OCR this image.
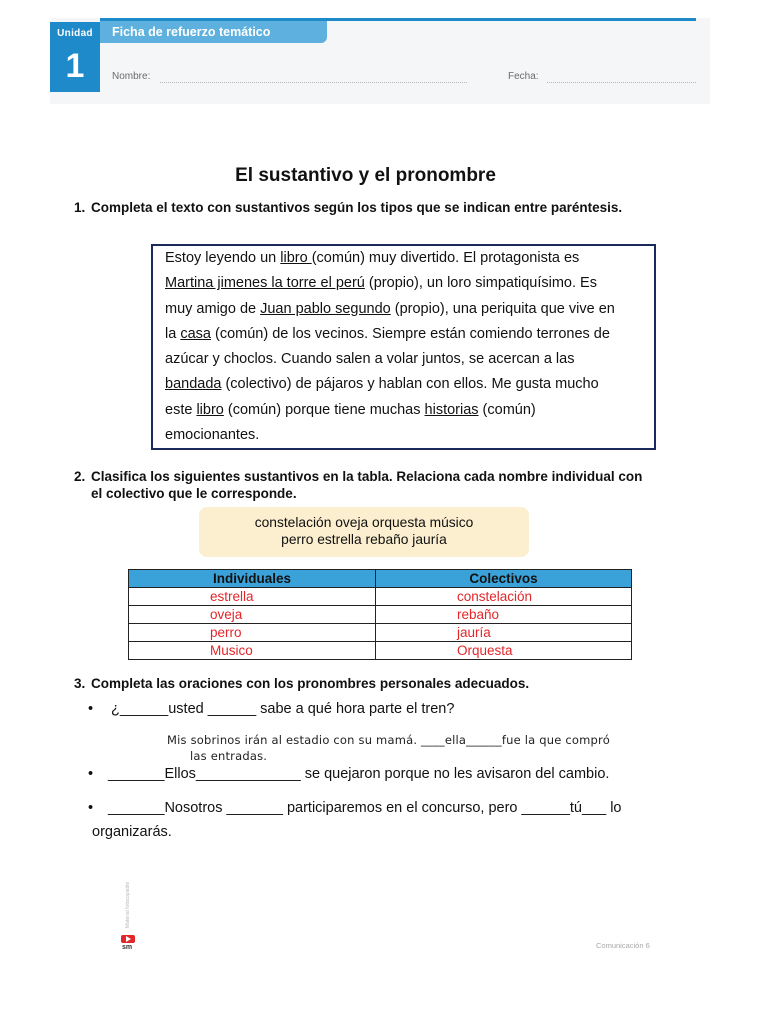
Unidad
1
Ficha de refuerzo temático
Nombre:	Fecha:
El sustantivo y el pronombre
1. Completa el texto con sustantivos según los tipos que se indican entre paréntesis.
Estoy leyendo un libro (común) muy divertido. El protagonista es
Martina jimenes la torre el perú (propio), un loro simpatiquísimo. Es
muy amigo de Juan pablo segundo (propio), una periquita que vive en
la casa (común) de los vecinos. Siempre están comiendo terrones de
azúcar y choclos. Cuando salen a volar juntos, se acercan a las
bandada (colectivo) de pájaros y hablan con ellos. Me gusta mucho
este libro (común) porque tiene muchas historias (común)
emocionantes.
2. Clasifica los siguientes sustantivos en la tabla. Relaciona cada nombre individual con el colectivo que le corresponde.
constelación oveja orquesta músico
perro estrella rebaño jauría
Individuales	Colectivos
estrella	constelación
oveja	rebaño
perro	jauría
Musico	Orquesta
3. Completa las oraciones con los pronombres personales adecuados.
• ¿______usted ______ sabe a qué hora parte el tren?
Mis sobrinos irán al estadio con su mamá. ____ella______fue la que compró
las entradas.
• _______Ellos_____________ se quejaron porque no les avisaron del cambio.
• _______Nosotros _______ participaremos en el concurso, pero ______tú___ lo
organizarás.
Material fotocopiable
sm	Comunicación 6
